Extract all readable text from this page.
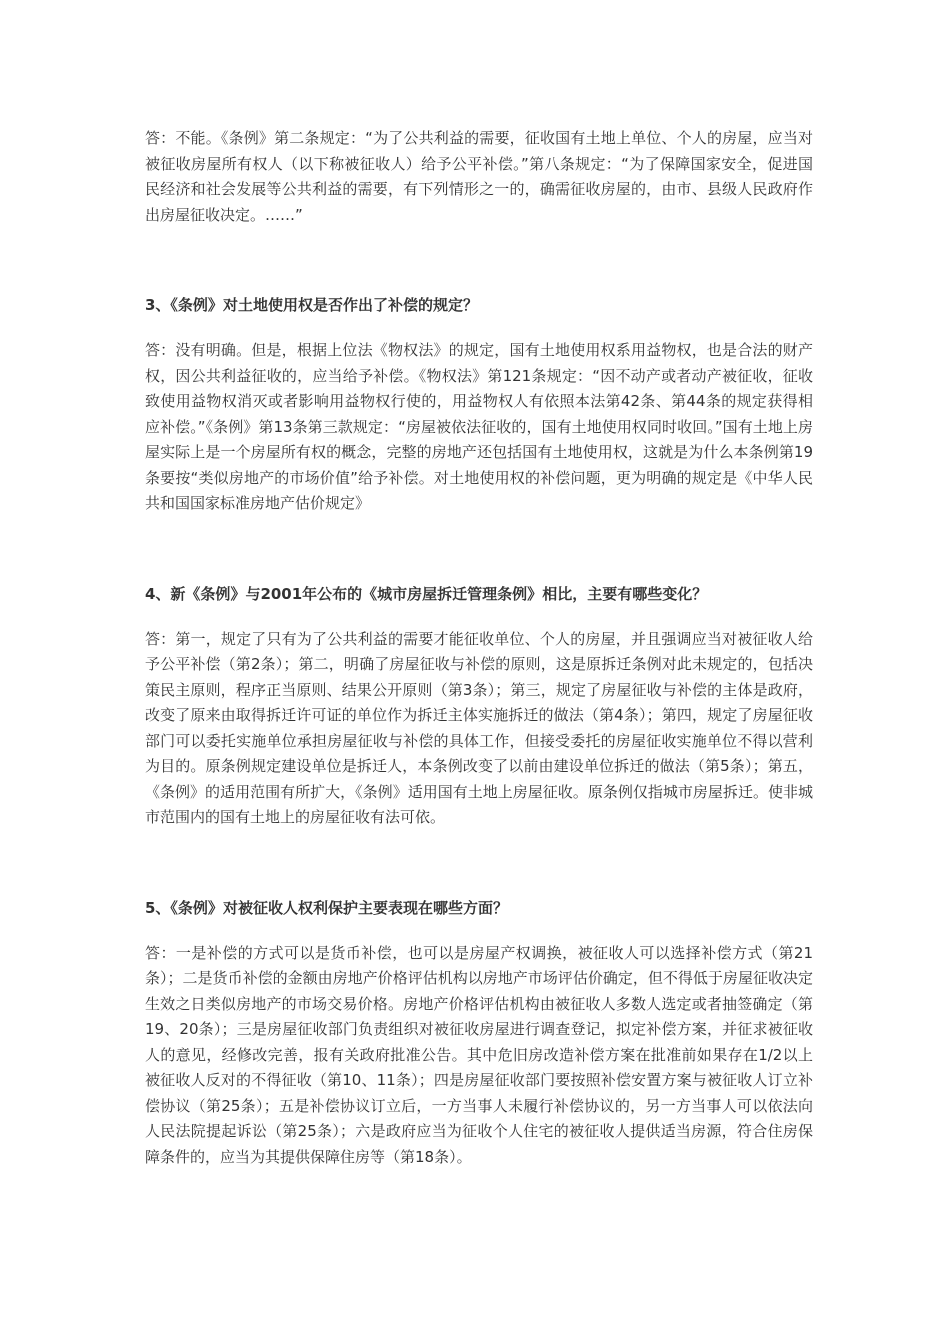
答：不能。《条例》第二条规定：“为了公共利益的需要，征收国有土地上单位、个人的房屋，应当对被征收房屋所有权人（以下称被征收人）给予公平补偿。”第八条规定：“为了保障国家安全，促进国民经济和社会发展等公共利益的需要，有下列情形之一的，确需征收房屋的，由市、县级人民政府作出房屋征收决定。……”

3、《条例》对土地使用权是否作出了补偿的规定？

答：没有明确。但是，根据上位法《物权法》的规定，国有土地使用权系用益物权，也是合法的财产权，因公共利益征收的，应当给予补偿。《物权法》第121条规定：“因不动产或者动产被征收，征收致使用益物权消灭或者影响用益物权行使的，用益物权人有依照本法第42条、第44条的规定获得相应补偿。”《条例》第13条第三款规定：“房屋被依法征收的，国有土地使用权同时收回。”国有土地上房屋实际上是一个房屋所有权的概念，完整的房地产还包括国有土地使用权，这就是为什么本条例第19条要按“类似房地产的市场价值”给予补偿。对土地使用权的补偿问题，更为明确的规定是《中华人民共和国国家标准房地产估价规定》

4、新《条例》与2001年公布的《城市房屋拆迁管理条例》相比，主要有哪些变化？

答：第一，规定了只有为了公共利益的需要才能征收单位、个人的房屋，并且强调应当对被征收人给予公平补偿（第2条）；第二，明确了房屋征收与补偿的原则，这是原拆迁条例对此未规定的，包括决策民主原则，程序正当原则、结果公开原则（第3条）；第三，规定了房屋征收与补偿的主体是政府，改变了原来由取得拆迁许可证的单位作为拆迁主体实施拆迁的做法（第4条）；第四，规定了房屋征收部门可以委托实施单位承担房屋征收与补偿的具体工作，但接受委托的房屋征收实施单位不得以营利为目的。原条例规定建设单位是拆迁人，本条例改变了以前由建设单位拆迁的做法（第5条）；第五，《条例》的适用范围有所扩大，《条例》适用国有土地上房屋征收。原条例仅指城市房屋拆迁。使非城市范围内的国有土地上的房屋征收有法可依。

5、《条例》对被征收人权利保护主要表现在哪些方面？

答：一是补偿的方式可以是货币补偿，也可以是房屋产权调换，被征收人可以选择补偿方式（第21条）；二是货币补偿的金额由房地产价格评估机构以房地产市场评估价确定，但不得低于房屋征收决定生效之日类似房地产的市场交易价格。房地产价格评估机构由被征收人多数人选定或者抽签确定（第19、20条）；三是房屋征收部门负责组织对被征收房屋进行调查登记，拟定补偿方案，并征求被征收人的意见，经修改完善，报有关政府批准公告。其中危旧房改造补偿方案在批准前如果存在1/2以上被征收人反对的不得征收（第10、11条）；四是房屋征收部门要按照补偿安置方案与被征收人订立补偿协议（第25条）；五是补偿协议订立后，一方当事人未履行补偿协议的，另一方当事人可以依法向人民法院提起诉讼（第25条）；六是政府应当为征收个人住宅的被征收人提供适当房源，符合住房保障条件的，应当为其提供保障住房等（第18条）。
